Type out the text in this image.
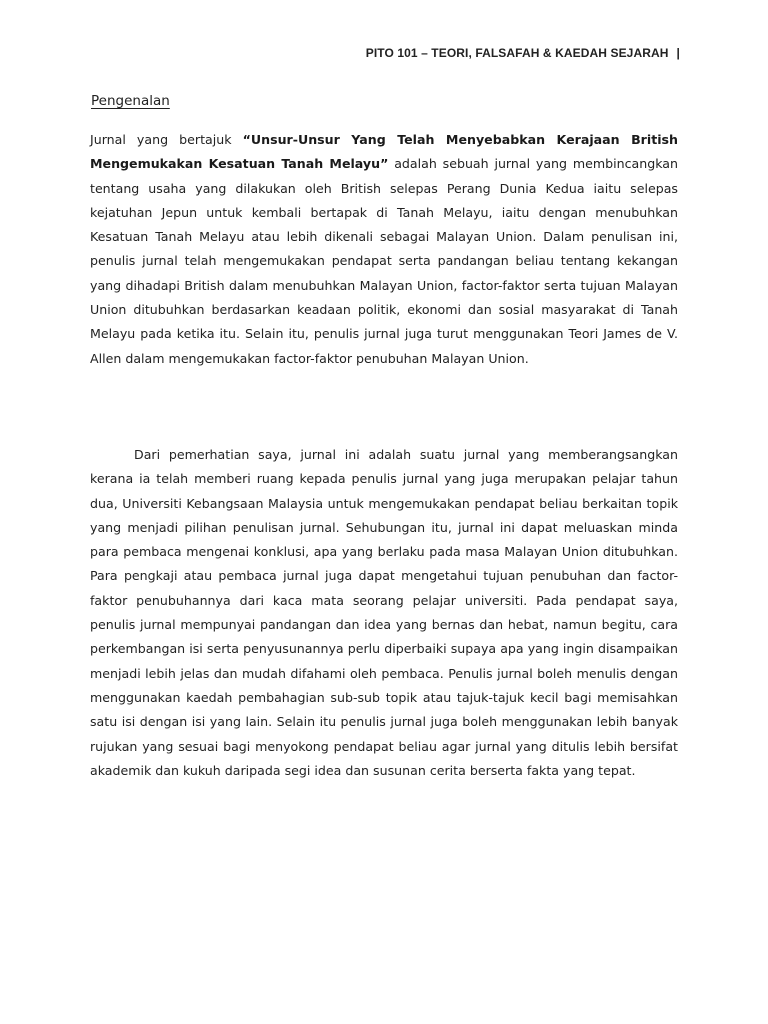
PITO 101 – TEORI, FALSAFAH & KAEDAH SEJARAH |
Pengenalan

Jurnal yang bertajuk “Unsur-Unsur Yang Telah Menyebabkan Kerajaan British Mengemukakan Kesatuan Tanah Melayu” adalah sebuah jurnal yang membincangkan tentang usaha yang dilakukan oleh British selepas Perang Dunia Kedua iaitu selepas kejatuhan Jepun untuk kembali bertapak di Tanah Melayu, iaitu dengan menubuhkan Kesatuan Tanah Melayu atau lebih dikenali sebagai Malayan Union. Dalam penulisan ini, penulis jurnal telah mengemukakan pendapat serta pandangan beliau tentang kekangan yang dihadapi British dalam menubuhkan Malayan Union, factor-faktor serta tujuan Malayan Union ditubuhkan berdasarkan keadaan politik, ekonomi dan sosial masyarakat di Tanah Melayu pada ketika itu. Selain itu, penulis jurnal juga turut menggunakan Teori James de V. Allen dalam mengemukakan factor-faktor penubuhan Malayan Union.

Dari pemerhatian saya, jurnal ini adalah suatu jurnal yang memberangsangkan kerana ia telah memberi ruang kepada penulis jurnal yang juga merupakan pelajar tahun dua, Universiti Kebangsaan Malaysia untuk mengemukakan pendapat beliau berkaitan topik yang menjadi pilihan penulisan jurnal. Sehubungan itu, jurnal ini dapat meluaskan minda para pembaca mengenai konklusi, apa yang berlaku pada masa Malayan Union ditubuhkan. Para pengkaji atau pembaca jurnal juga dapat mengetahui tujuan penubuhan dan factor-faktor penubuhannya dari kaca mata seorang pelajar universiti. Pada pendapat saya, penulis jurnal mempunyai pandangan dan idea yang bernas dan hebat, namun begitu, cara perkembangan isi serta penyusunannya perlu diperbaiki supaya apa yang ingin disampaikan menjadi lebih jelas dan mudah difahami oleh pembaca. Penulis jurnal boleh menulis dengan menggunakan kaedah pembahagian sub-sub topik atau tajuk-tajuk kecil bagi memisahkan satu isi dengan isi yang lain. Selain itu penulis jurnal juga boleh menggunakan lebih banyak rujukan yang sesuai bagi menyokong pendapat beliau agar jurnal yang ditulis lebih bersifat akademik dan kukuh daripada segi idea dan susunan cerita berserta fakta yang tepat.
